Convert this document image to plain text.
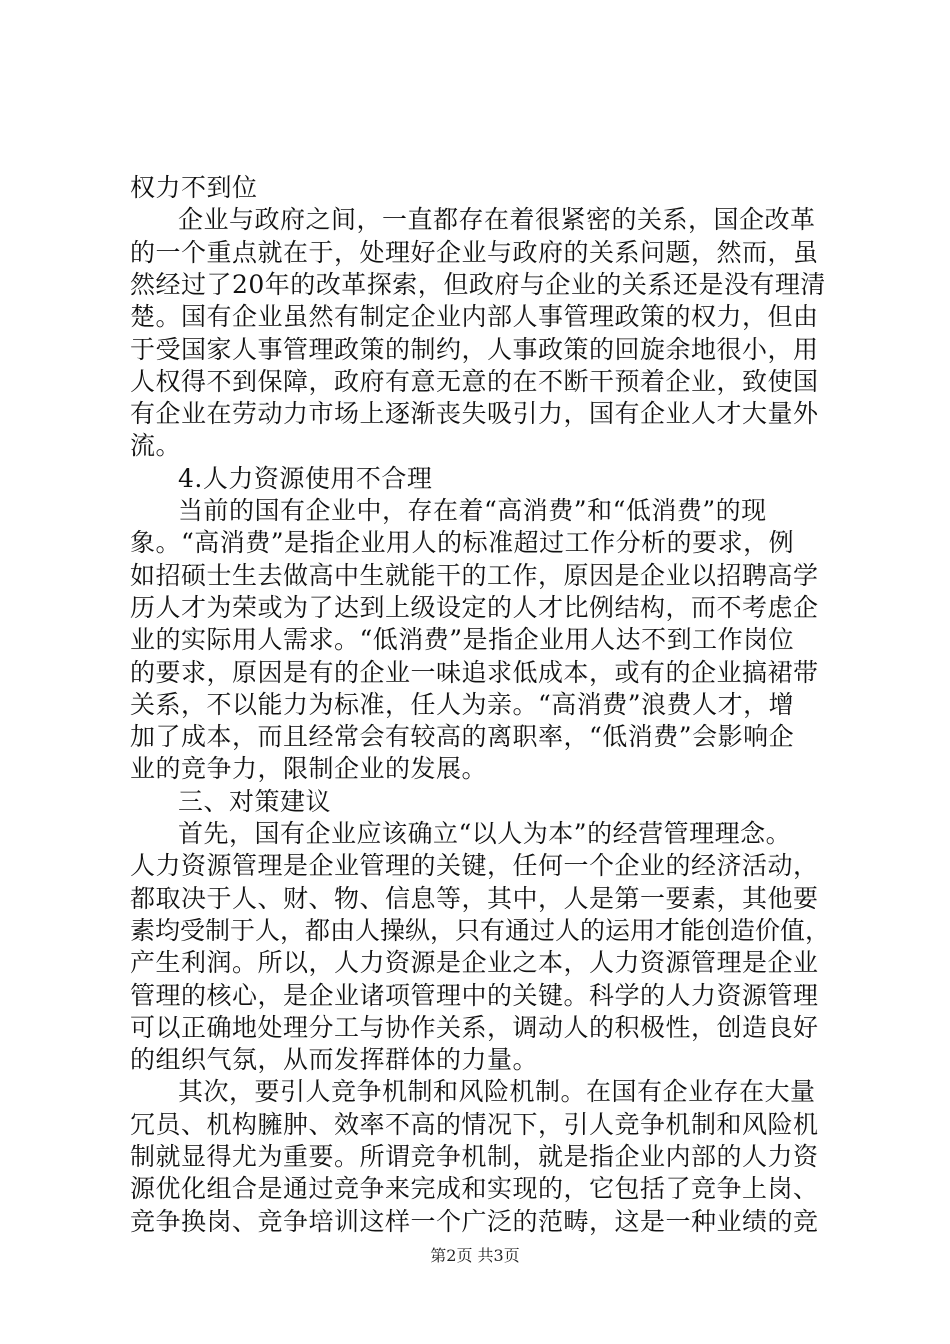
权力不到位
企业与政府之间，一直都存在着很紧密的关系，国企改革
的一个重点就在于，处理好企业与政府的关系问题，然而，虽
然经过了20年的改革探索，但政府与企业的关系还是没有理清
楚。国有企业虽然有制定企业内部人事管理政策的权力，但由
于受国家人事管理政策的制约，人事政策的回旋余地很小，用
人权得不到保障，政府有意无意的在不断干预着企业，致使国
有企业在劳动力市场上逐渐丧失吸引力，国有企业人才大量外
流。
4.人力资源使用不合理
当前的国有企业中，存在着“高消费”和“低消费”的现
象。“高消费”是指企业用人的标准超过工作分析的要求，例
如招硕士生去做高中生就能干的工作，原因是企业以招聘高学
历人才为荣或为了达到上级设定的人才比例结构，而不考虑企
业的实际用人需求。“低消费”是指企业用人达不到工作岗位
的要求，原因是有的企业一味追求低成本，或有的企业搞裙带
关系，不以能力为标准，任人为亲。“高消费”浪费人才，增
加了成本，而且经常会有较高的离职率，“低消费”会影响企
业的竞争力，限制企业的发展。
三、对策建议
首先，国有企业应该确立“以人为本”的经营管理理念。
人力资源管理是企业管理的关键，任何一个企业的经济活动，
都取决于人、财、物、信息等，其中，人是第一要素，其他要
素均受制于人，都由人操纵，只有通过人的运用才能创造价值，
产生利润。所以，人力资源是企业之本，人力资源管理是企业
管理的核心，是企业诸项管理中的关键。科学的人力资源管理
可以正确地处理分工与协作关系，调动人的积极性，创造良好
的组织气氛，从而发挥群体的力量。
其次，要引人竞争机制和风险机制。在国有企业存在大量
冗员、机构臃肿、效率不高的情况下，引人竞争机制和风险机
制就显得尤为重要。所谓竞争机制，就是指企业内部的人力资
源优化组合是通过竞争来完成和实现的，它包括了竞争上岗、
竞争换岗、竞争培训这样一个广泛的范畴，这是一种业绩的竞
第2页 共3页
